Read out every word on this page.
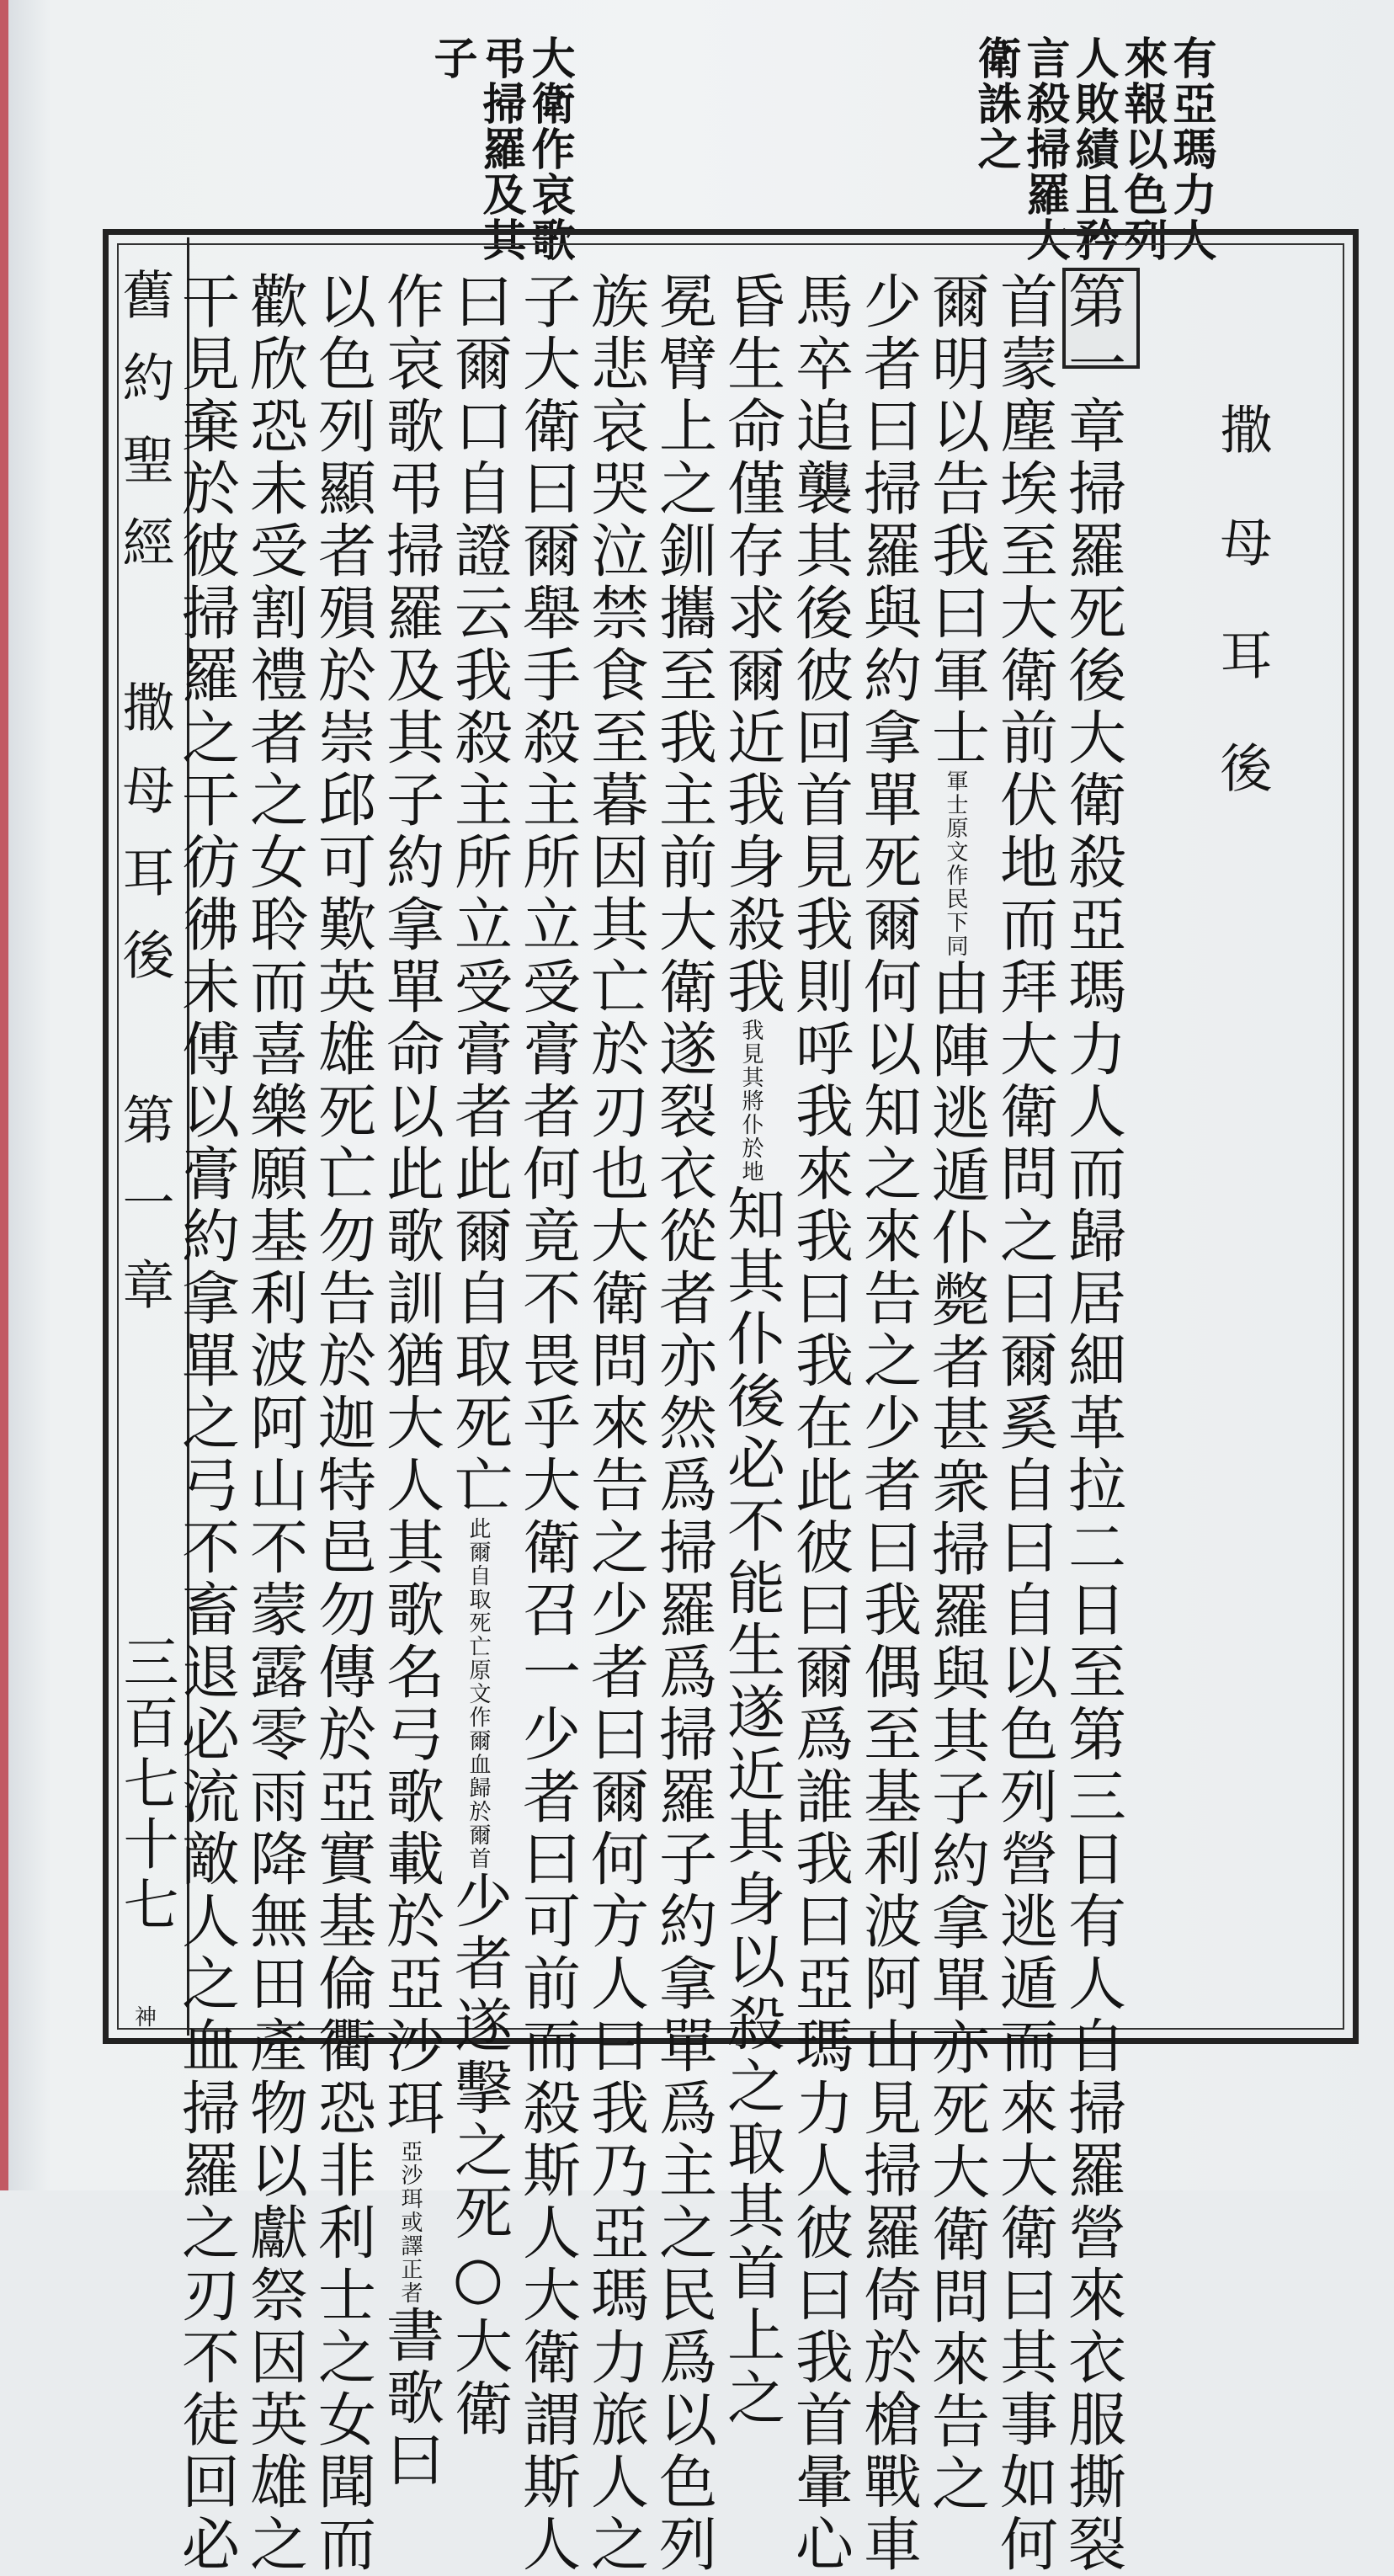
有亞瑪力人
來報以色列
人敗績且矜
言殺掃羅大
衛誅之
大衛作哀歌
弔掃羅及其
子
撒母耳後
第一章掃羅死後大衛殺亞瑪力人而歸居細革拉二日至第三日有人自掃羅營來衣服撕裂
首蒙塵埃至大衛前伏地而拜大衛問之曰爾奚自曰自以色列營逃遁而來大衛曰其事如何
爾明以告我曰軍士軍士原文作民下同由陣逃遁仆斃者甚衆掃羅與其子約拿單亦死大衛問來告之
少者曰掃羅與約拿單死爾何以知之來告之少者曰我偶至基利波阿山見掃羅倚於槍戰車
馬卒追襲其後彼回首見我則呼我來我曰我在此彼曰爾爲誰我曰亞瑪力人彼曰我首暈心
昏生命僅存求爾近我身殺我我見其將仆於地知其仆後必不能生遂近其身以殺之取其首上之
冕臂上之釧攜至我主前大衛遂裂衣從者亦然爲掃羅爲掃羅子約拿單爲主之民爲以色列
族悲哀哭泣禁食至暮因其亡於刃也大衛問來告之少者曰爾何方人曰我乃亞瑪力旅人之
子大衛曰爾舉手殺主所立受膏者何竟不畏乎大衛召一少者曰可前而殺斯人大衛謂斯人
曰爾口自證云我殺主所立受膏者此爾自取死亡此爾自取死亡原文作爾血歸於爾首少者遂擊之死○大衛
作哀歌弔掃羅及其子約拿單命以此歌訓猶大人其歌名弓歌載於亞沙珥亞沙珥或譯正者書歌曰
以色列顯者殞於崇邱可歎英雄死亡勿告於迦特邑勿傳於亞實基倫衢恐非利士之女聞而
歡欣恐未受割禮者之女聆而喜樂願基利波阿山不蒙露零雨降無田產物以獻祭因英雄之
干見棄於彼掃羅之干彷彿未傅以膏約拿單之弓不畜退必流敵人之血掃羅之刃不徒回必
舊約聖經　撒母耳後　第一章
三百七十七
神
